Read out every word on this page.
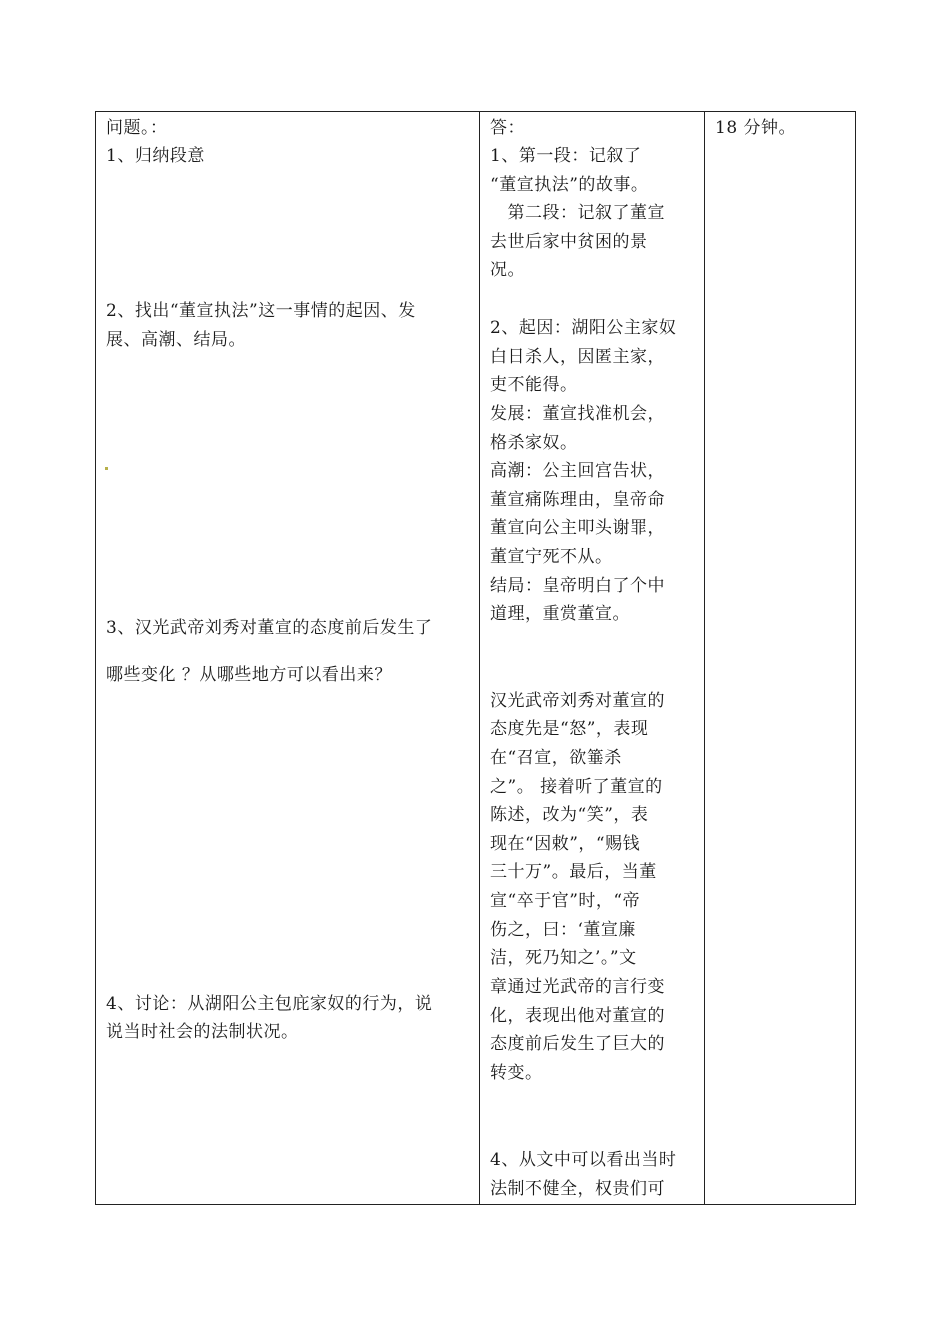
问题。：
1、归纳段意
2、找出“董宣执法”这一事情的起因、发
展、高潮、结局。
3、汉光武帝刘秀对董宣的态度前后发生了
哪些变化 ？从哪些地方可以看出来？
4、讨论：从湖阳公主包庇家奴的行为，说
说当时社会的法制状况。
答：
1、第一段：记叙了
“董宣执法”的故事。
　第二段：记叙了董宣
去世后家中贫困的景
况。
2、起因：湖阳公主家奴
白日杀人，因匿主家，
吏不能得。
发展：董宣找准机会，
格杀家奴。
高潮：公主回宫告状，
董宣痛陈理由，皇帝命
董宣向公主叩头谢罪，
董宣宁死不从。
结局：皇帝明白了个中
道理，重赏董宣。
汉光武帝刘秀对董宣的
态度先是“怒”，表现
在“召宣，欲箠杀
之”。 接着听了董宣的
陈述，改为“笑”，表
现在“因敕”，“赐钱
三十万”。最后，当董
宣“卒于官”时，“帝
伤之，曰：‘董宣廉
洁，死乃知之’。”文
章通过光武帝的言行变
化，表现出他对董宣的
态度前后发生了巨大的
转变。
4、从文中可以看出当时
法制不健全，权贵们可
18 分钟。
